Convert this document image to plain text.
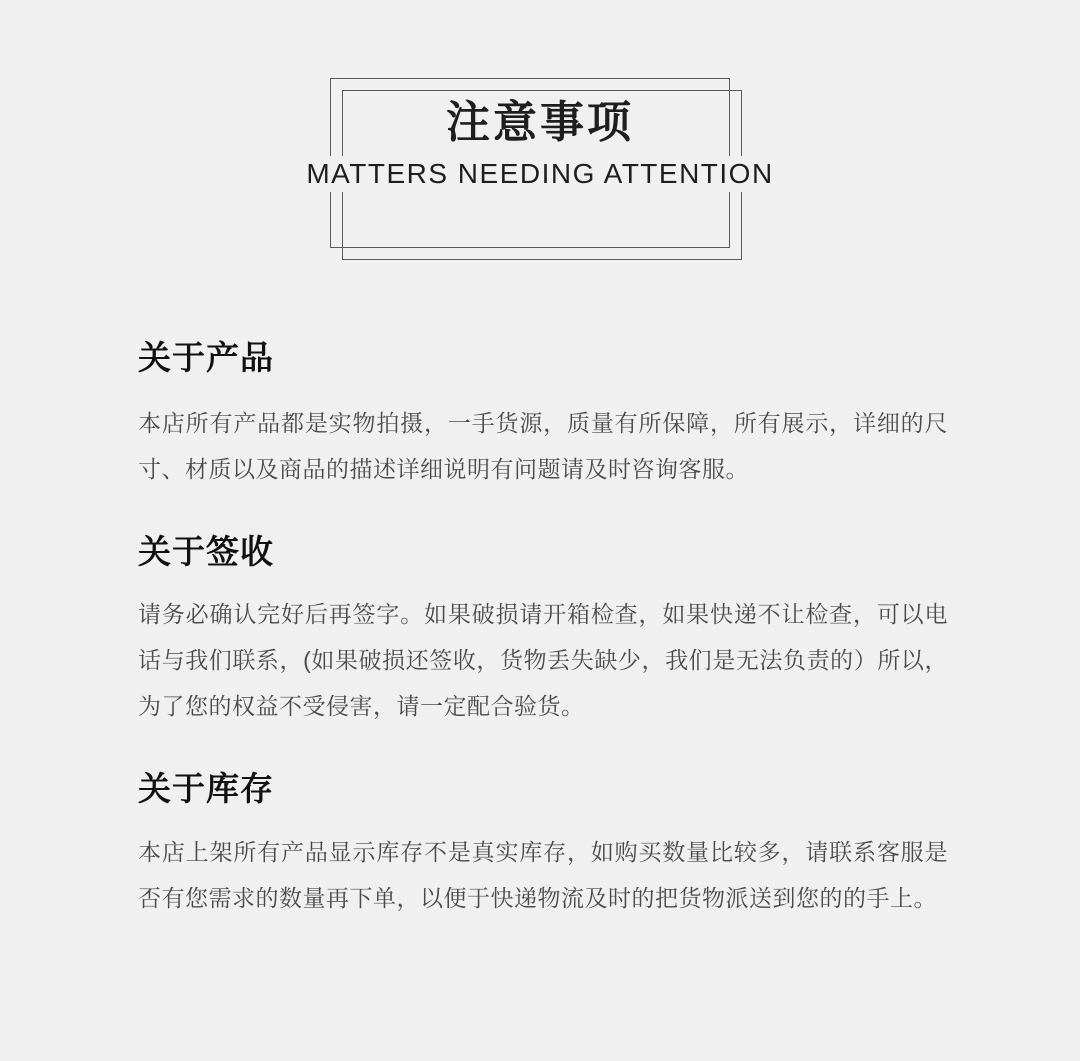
注意事项 MATTERS NEEDING ATTENTION
关于产品

本店所有产品都是实物拍摄，一手货源，质量有所保障，所有展示，详细的尺寸、材质以及商品的描述详细说明有问题请及时咨询客服。

关于签收

请务必确认完好后再签字。如果破损请开箱检查，如果快递不让检查，可以电话与我们联系，(如果破损还签收，货物丢失缺少，我们是无法负责的）所以，为了您的权益不受侵害，请一定配合验货。

关于库存

本店上架所有产品显示库存不是真实库存，如购买数量比较多，请联系客服是否有您需求的数量再下单，以便于快递物流及时的把货物派送到您的的手上。
